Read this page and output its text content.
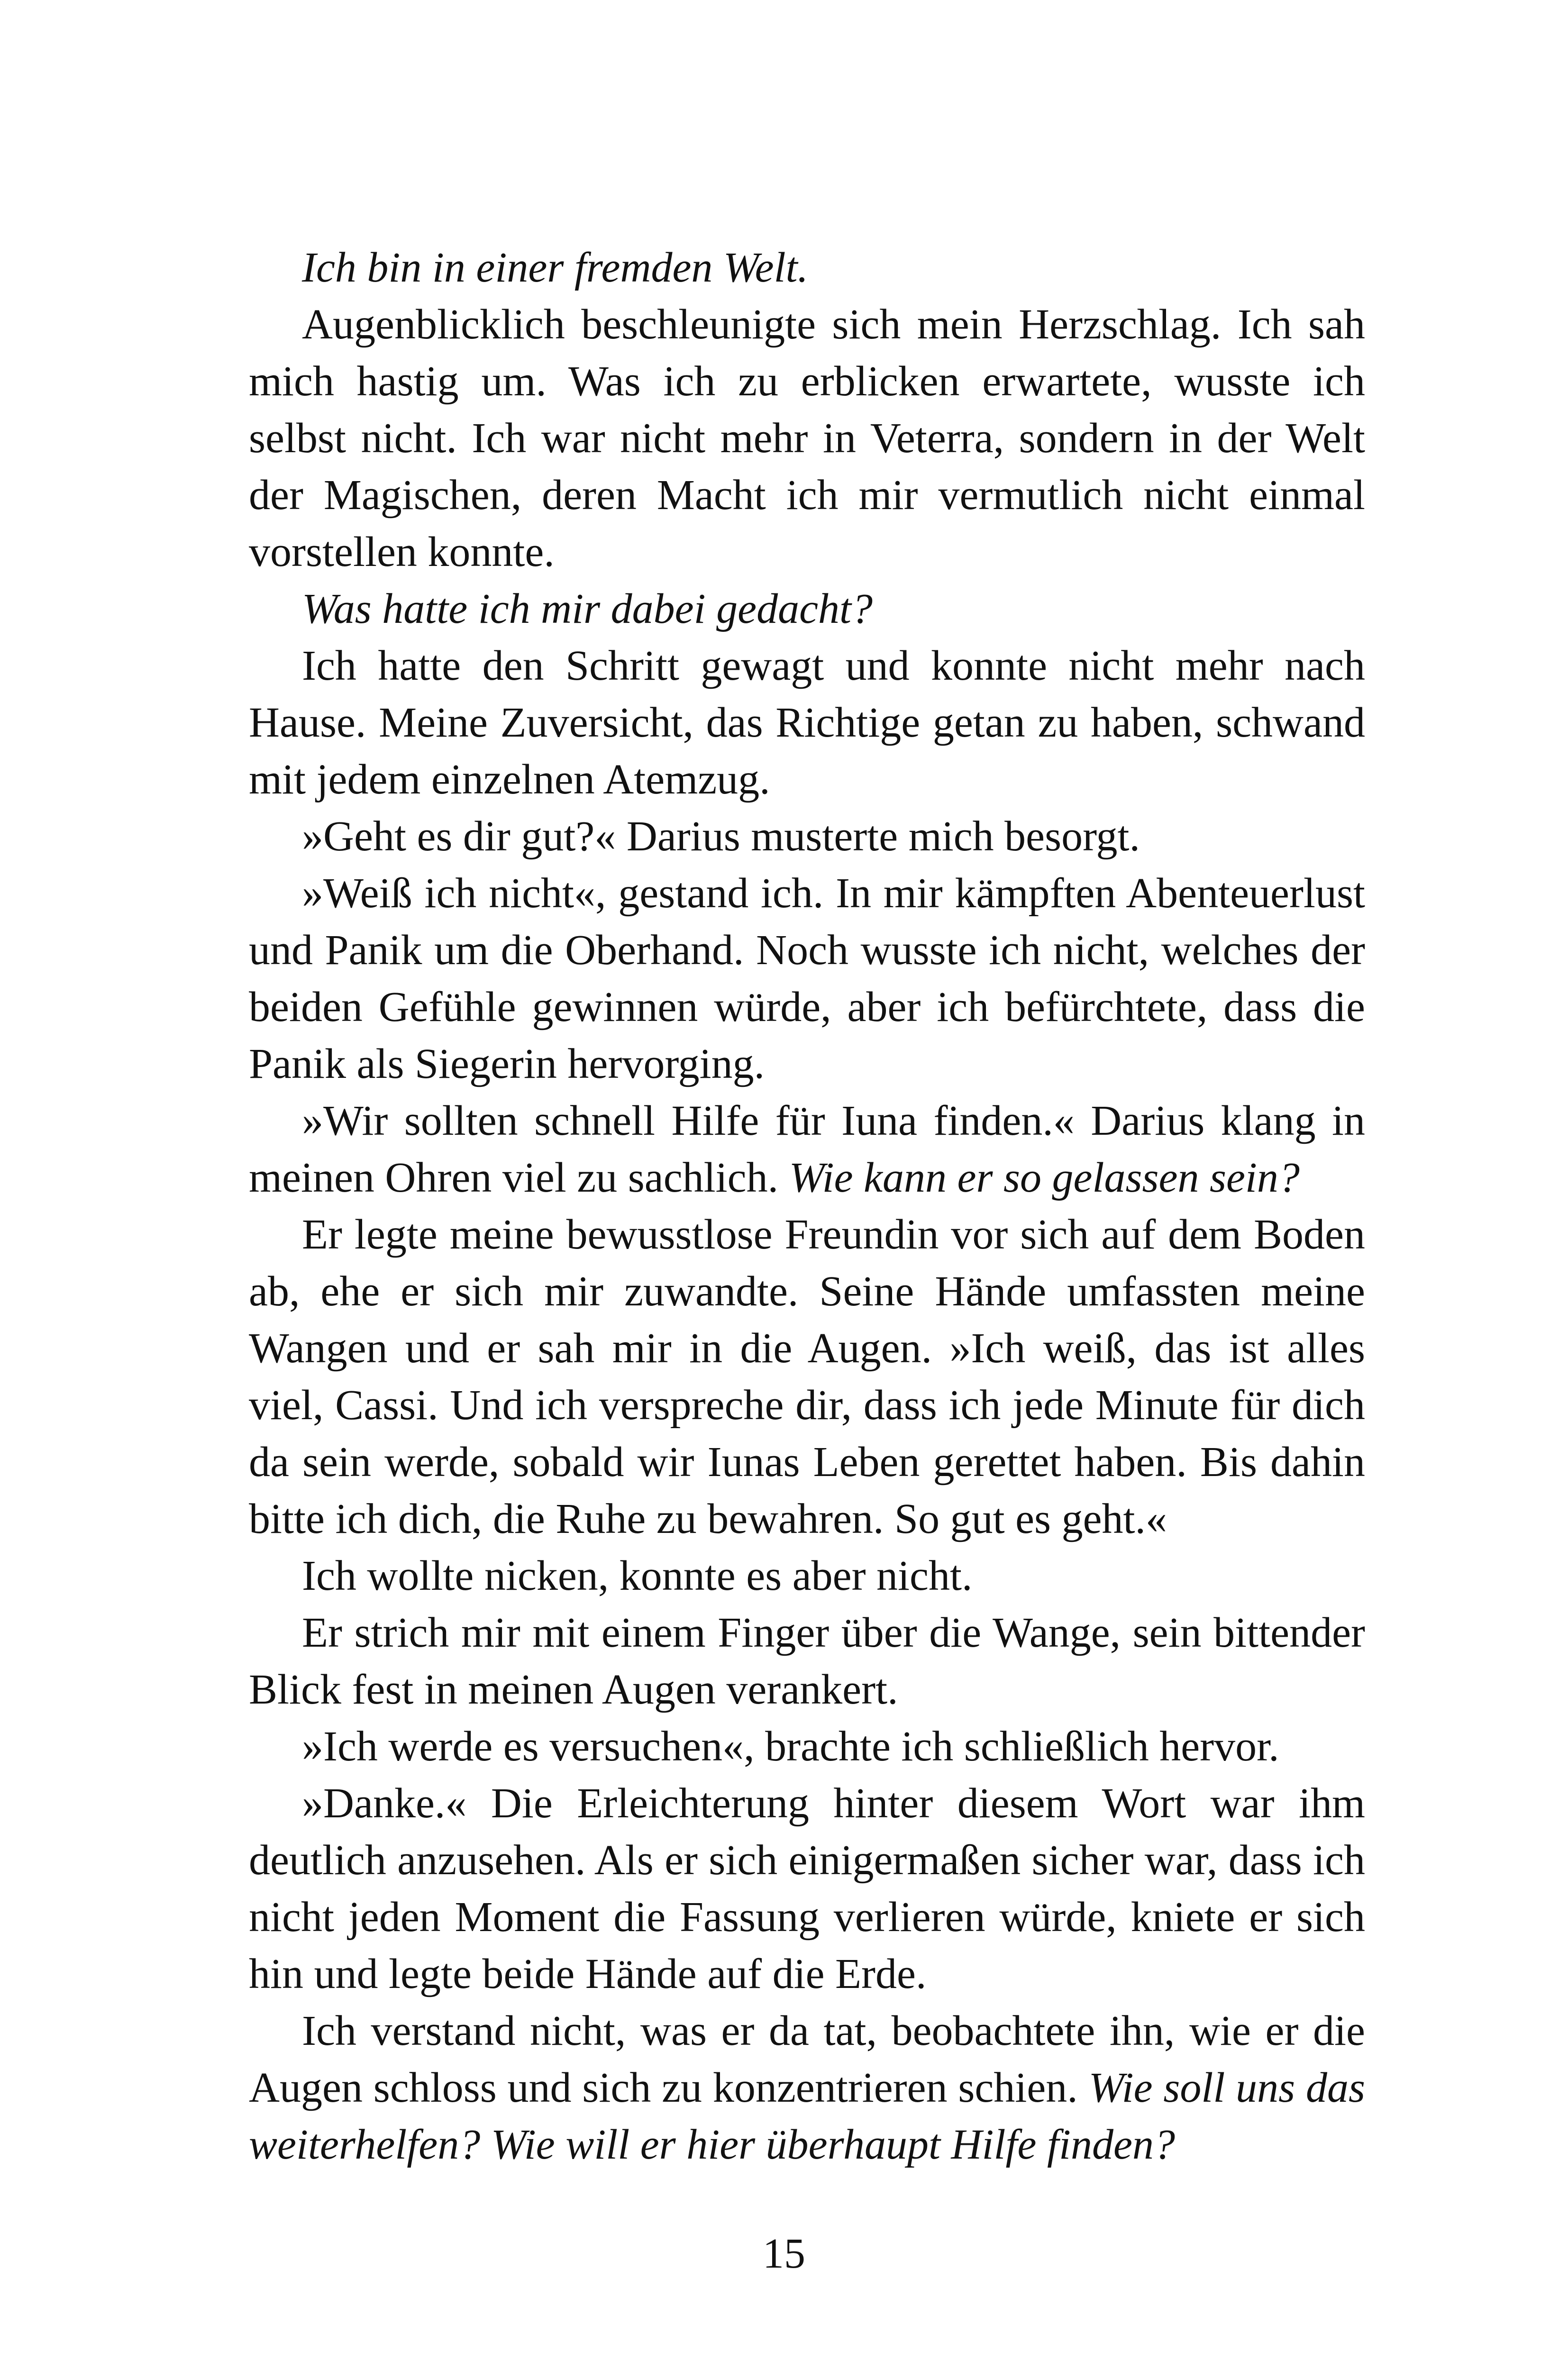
Ich bin in einer fremden Welt.

Augenblicklich beschleunigte sich mein Herzschlag. Ich sah mich hastig um. Was ich zu erblicken erwartete, wusste ich selbst nicht. Ich war nicht mehr in Veterra, sondern in der Welt der Magischen, deren Macht ich mir vermutlich nicht einmal vorstellen konnte.

Was hatte ich mir dabei gedacht?

Ich hatte den Schritt gewagt und konnte nicht mehr nach Hause. Meine Zuversicht, das Richtige getan zu haben, schwand mit jedem einzelnen Atemzug.

»Geht es dir gut?« Darius musterte mich besorgt.

»Weiß ich nicht«, gestand ich. In mir kämpften Abenteuerlust und Panik um die Oberhand. Noch wusste ich nicht, welches der beiden Gefühle gewinnen würde, aber ich befürchtete, dass die Panik als Siegerin hervorging.

»Wir sollten schnell Hilfe für Iuna finden.« Darius klang in meinen Ohren viel zu sachlich. Wie kann er so gelassen sein?

Er legte meine bewusstlose Freundin vor sich auf dem Boden ab, ehe er sich mir zuwandte. Seine Hände umfassten meine Wangen und er sah mir in die Augen. »Ich weiß, das ist alles viel, Cassi. Und ich verspreche dir, dass ich jede Minute für dich da sein werde, sobald wir Iunas Leben gerettet haben. Bis dahin bitte ich dich, die Ruhe zu bewahren. So gut es geht.«

Ich wollte nicken, konnte es aber nicht.

Er strich mir mit einem Finger über die Wange, sein bittender Blick fest in meinen Augen verankert.

»Ich werde es versuchen«, brachte ich schließlich hervor.

»Danke.« Die Erleichterung hinter diesem Wort war ihm deutlich anzusehen. Als er sich einigermaßen sicher war, dass ich nicht jeden Moment die Fassung verlieren würde, kniete er sich hin und legte beide Hände auf die Erde.

Ich verstand nicht, was er da tat, beobachtete ihn, wie er die Augen schloss und sich zu konzentrieren schien. Wie soll uns das weiterhelfen? Wie will er hier überhaupt Hilfe finden?

15
